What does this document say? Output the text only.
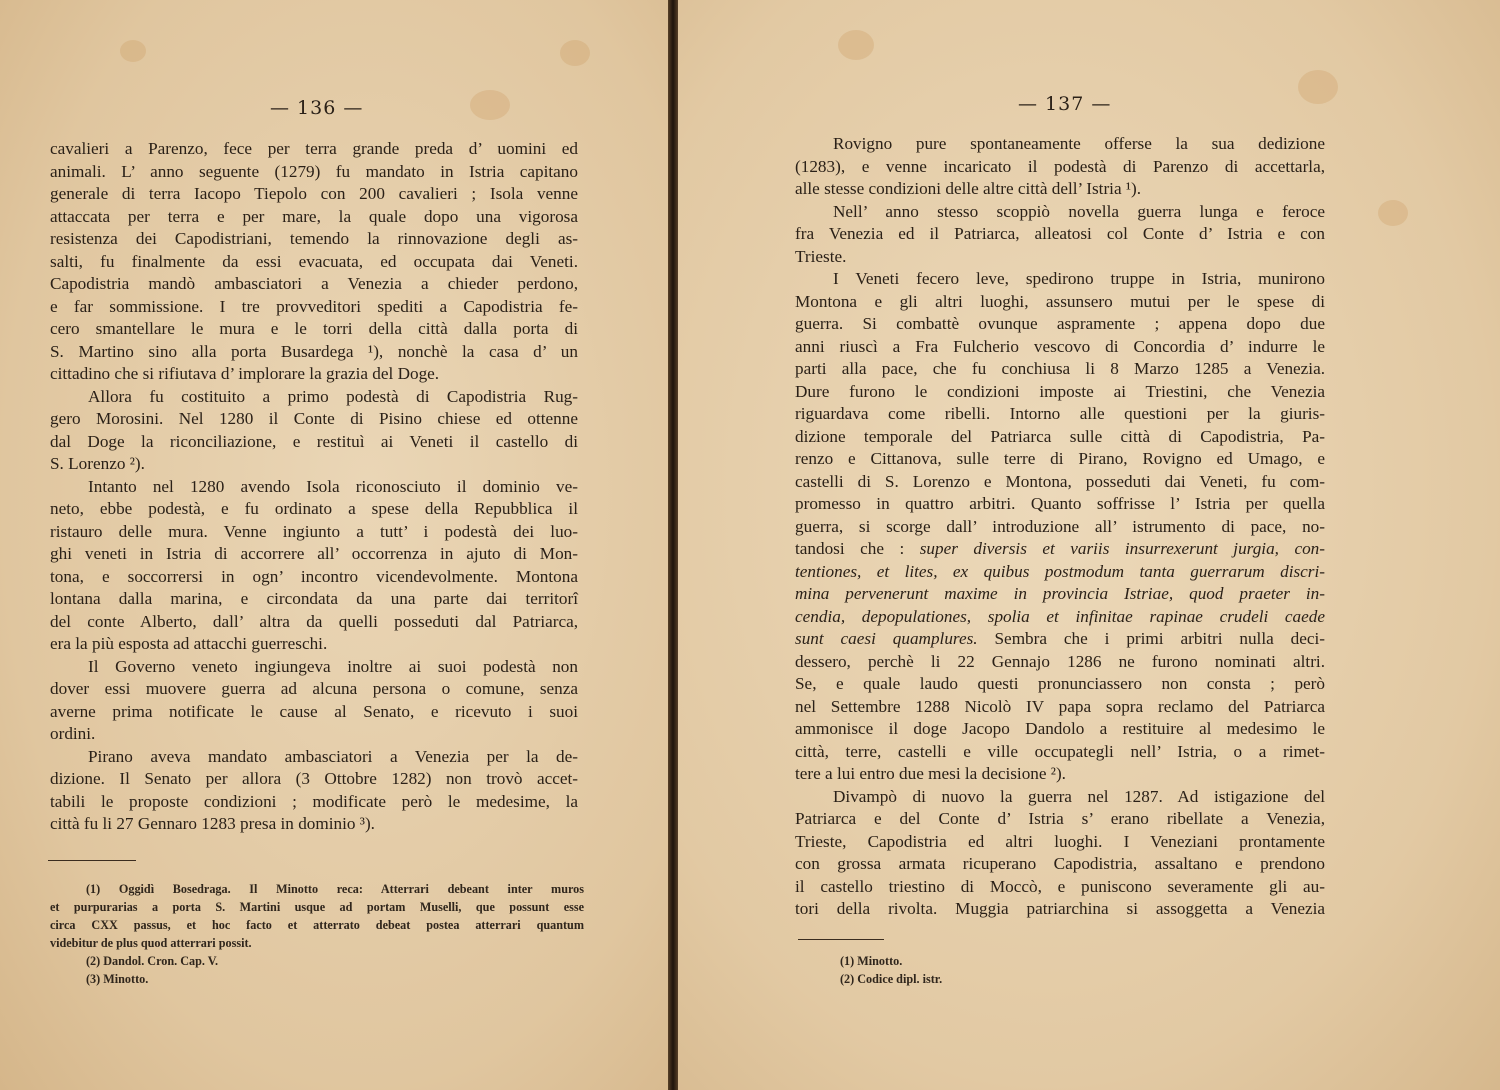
— 136 —
cavalieri a Parenzo, fece per terra grande preda d’ uomini ed
animali. L’ anno seguente (1279) fu mandato in Istria capitano
generale di terra Iacopo Tiepolo con 200 cavalieri ; Isola venne
attaccata per terra e per mare, la quale dopo una vigorosa
resistenza dei Capodistriani, temendo la rinnovazione degli as-
salti, fu finalmente da essi evacuata, ed occupata dai Veneti.
Capodistria mandò ambasciatori a Venezia a chieder perdono,
e far sommissione. I tre provveditori spediti a Capodistria fe-
cero smantellare le mura e le torri della città dalla porta di
S. Martino sino alla porta Busardega ¹), nonchè la casa d’ un
cittadino che si rifiutava d’ implorare la grazia del Doge.
Allora fu costituito a primo podestà di Capodistria Rug-
gero Morosini. Nel 1280 il Conte di Pisino chiese ed ottenne
dal Doge la riconciliazione, e restituì ai Veneti il castello di
S. Lorenzo ²).
Intanto nel 1280 avendo Isola riconosciuto il dominio ve-
neto, ebbe podestà, e fu ordinato a spese della Repubblica il
ristauro delle mura. Venne ingiunto a tutt’ i podestà dei luo-
ghi veneti in Istria di accorrere all’ occorrenza in ajuto di Mon-
tona, e soccorrersi in ogn’ incontro vicendevolmente. Montona
lontana dalla marina, e circondata da una parte dai territorî
del conte Alberto, dall’ altra da quelli posseduti dal Patriarca,
era la più esposta ad attacchi guerreschi.
Il Governo veneto ingiungeva inoltre ai suoi podestà non
dover essi muovere guerra ad alcuna persona o comune, senza
averne prima notificate le cause al Senato, e ricevuto i suoi
ordini.
Pirano aveva mandato ambasciatori a Venezia per la de-
dizione. Il Senato per allora (3 Ottobre 1282) non trovò accet-
tabili le proposte condizioni ; modificate però le medesime, la
città fu li 27 Gennaro 1283 presa in dominio ³).
(1) Oggidì Bosedraga. Il Minotto reca: Atterrari debeant inter muros
et purpurarias a porta S. Martini usque ad portam Muselli, que possunt esse
circa CXX passus, et hoc facto et atterrato debeat postea atterrari quantum
videbitur de plus quod atterrari possit.
(2) Dandol. Cron. Cap. V.
(3) Minotto.
— 137 —
Rovigno pure spontaneamente offerse la sua dedizione
(1283), e venne incaricato il podestà di Parenzo di accettarla,
alle stesse condizioni delle altre città dell’ Istria ¹).
Nell’ anno stesso scoppiò novella guerra lunga e feroce
fra Venezia ed il Patriarca, alleatosi col Conte d’ Istria e con
Trieste.
I Veneti fecero leve, spedirono truppe in Istria, munirono
Montona e gli altri luoghi, assunsero mutui per le spese di
guerra. Si combattè ovunque aspramente ; appena dopo due
anni riuscì a Fra Fulcherio vescovo di Concordia d’ indurre le
parti alla pace, che fu conchiusa li 8 Marzo 1285 a Venezia.
Dure furono le condizioni imposte ai Triestini, che Venezia
riguardava come ribelli. Intorno alle questioni per la giuris-
dizione temporale del Patriarca sulle città di Capodistria, Pa-
renzo e Cittanova, sulle terre di Pirano, Rovigno ed Umago, e
castelli di S. Lorenzo e Montona, posseduti dai Veneti, fu com-
promesso in quattro arbitri. Quanto soffrisse l’ Istria per quella
guerra, si scorge dall’ introduzione all’ istrumento di pace, no-
tandosi che : super diversis et variis insurrexerunt jurgia, con-
tentiones, et lites, ex quibus postmodum tanta guerrarum discri-
mina pervenerunt maxime in provincia Istriae, quod praeter in-
cendia, depopulationes, spolia et infinitae rapinae crudeli caede
sunt caesi quamplures. Sembra che i primi arbitri nulla deci-
dessero, perchè li 22 Gennajo 1286 ne furono nominati altri.
Se, e quale laudo questi pronunciassero non consta ; però
nel Settembre 1288 Nicolò IV papa sopra reclamo del Patriarca
ammonisce il doge Jacopo Dandolo a restituire al medesimo le
città, terre, castelli e ville occupategli nell’ Istria, o a rimet-
tere a lui entro due mesi la decisione ²).
Divampò di nuovo la guerra nel 1287. Ad istigazione del
Patriarca e del Conte d’ Istria s’ erano ribellate a Venezia,
Trieste, Capodistria ed altri luoghi. I Veneziani prontamente
con grossa armata ricuperano Capodistria, assaltano e prendono
il castello triestino di Moccò, e puniscono severamente gli au-
tori della rivolta. Muggia patriarchina si assoggetta a Venezia
(1) Minotto.
(2) Codice dipl. istr.
